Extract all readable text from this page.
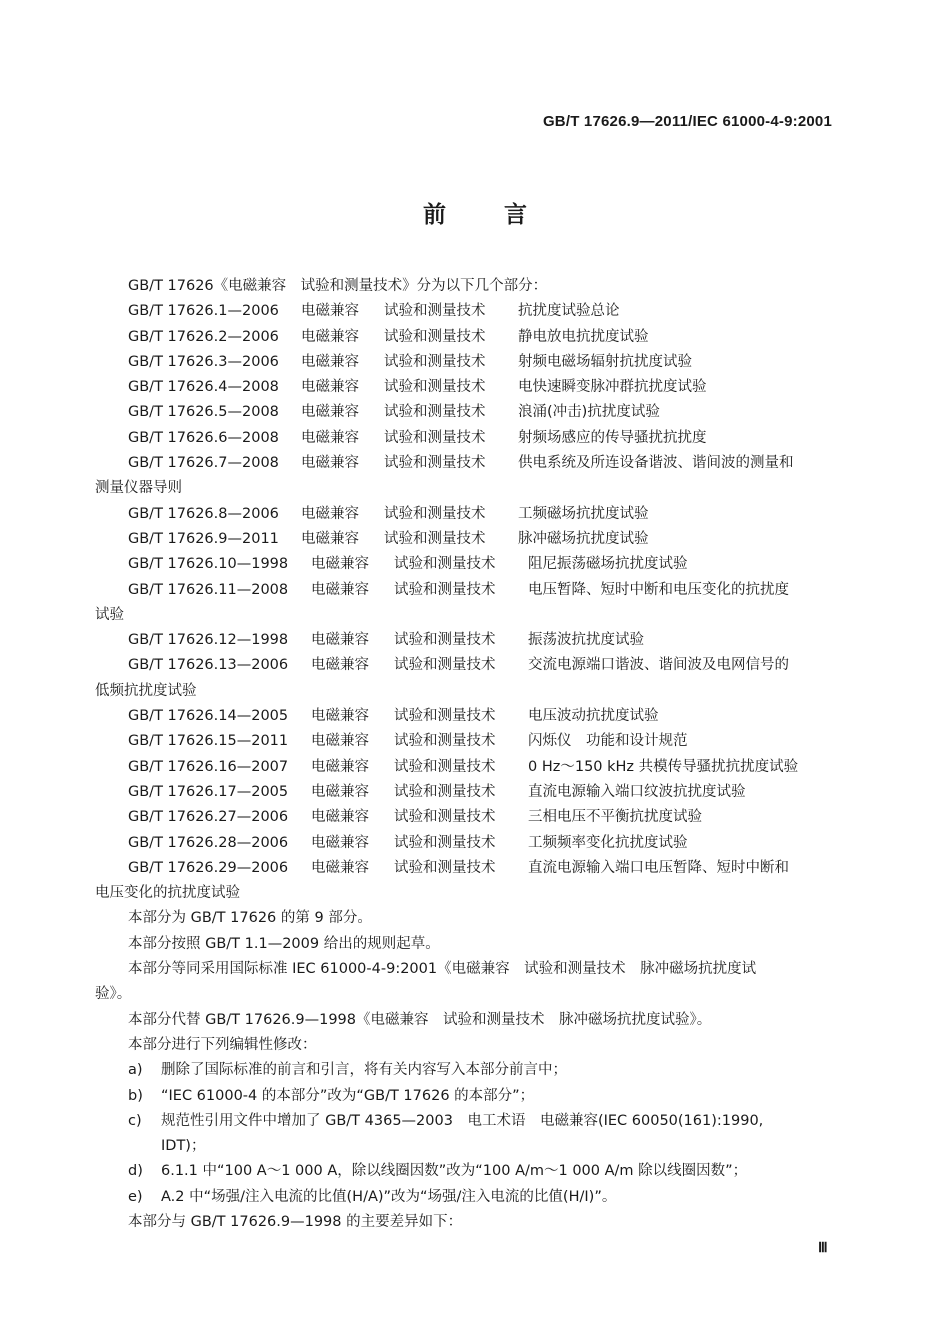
GB/T 17626.9—2011/IEC 61000-4-9:2001
前言
GB/T 17626《电磁兼容　试验和测量技术》分为以下几个部分：
GB/T 17626.1—2006	电磁兼容	试验和测量技术	抗扰度试验总论
GB/T 17626.2—2006	电磁兼容	试验和测量技术	静电放电抗扰度试验
GB/T 17626.3—2006	电磁兼容	试验和测量技术	射频电磁场辐射抗扰度试验
GB/T 17626.4—2008	电磁兼容	试验和测量技术	电快速瞬变脉冲群抗扰度试验
GB/T 17626.5—2008	电磁兼容	试验和测量技术	浪涌(冲击)抗扰度试验
GB/T 17626.6—2008	电磁兼容	试验和测量技术	射频场感应的传导骚扰抗扰度
GB/T 17626.7—2008	电磁兼容	试验和测量技术	供电系统及所连设备谐波、谐间波的测量和
测量仪器导则
GB/T 17626.8—2006	电磁兼容	试验和测量技术	工频磁场抗扰度试验
GB/T 17626.9—2011	电磁兼容	试验和测量技术	脉冲磁场抗扰度试验
GB/T 17626.10—1998	电磁兼容	试验和测量技术	阻尼振荡磁场抗扰度试验
GB/T 17626.11—2008	电磁兼容	试验和测量技术	电压暂降、短时中断和电压变化的抗扰度
试验
GB/T 17626.12—1998	电磁兼容	试验和测量技术	振荡波抗扰度试验
GB/T 17626.13—2006	电磁兼容	试验和测量技术	交流电源端口谐波、谐间波及电网信号的
低频抗扰度试验
GB/T 17626.14—2005	电磁兼容	试验和测量技术	电压波动抗扰度试验
GB/T 17626.15—2011	电磁兼容	试验和测量技术	闪烁仪　功能和设计规范
GB/T 17626.16—2007	电磁兼容	试验和测量技术	0 Hz～150 kHz 共模传导骚扰抗扰度试验
GB/T 17626.17—2005	电磁兼容	试验和测量技术	直流电源输入端口纹波抗扰度试验
GB/T 17626.27—2006	电磁兼容	试验和测量技术	三相电压不平衡抗扰度试验
GB/T 17626.28—2006	电磁兼容	试验和测量技术	工频频率变化抗扰度试验
GB/T 17626.29—2006	电磁兼容	试验和测量技术	直流电源输入端口电压暂降、短时中断和
电压变化的抗扰度试验
本部分为 GB/T 17626 的第 9 部分。
本部分按照 GB/T 1.1—2009 给出的规则起草。
本部分等同采用国际标准 IEC 61000-4-9:2001《电磁兼容　试验和测量技术　脉冲磁场抗扰度试
验》。
本部分代替 GB/T 17626.9—1998《电磁兼容　试验和测量技术　脉冲磁场抗扰度试验》。
本部分进行下列编辑性修改：
a) 删除了国际标准的前言和引言，将有关内容写入本部分前言中；
b) “IEC 61000-4 的本部分”改为“GB/T 17626 的本部分”；
c) 规范性引用文件中增加了 GB/T 4365—2003　电工术语　电磁兼容(IEC 60050(161):1990,
IDT)；
d) 6.1.1 中“100 A～1 000 A，除以线圈因数”改为“100 A/m～1 000 A/m 除以线圈因数”；
e) A.2 中“场强/注入电流的比值(H/A)”改为“场强/注入电流的比值(H/I)”。
本部分与 GB/T 17626.9—1998 的主要差异如下：
Ⅲ
